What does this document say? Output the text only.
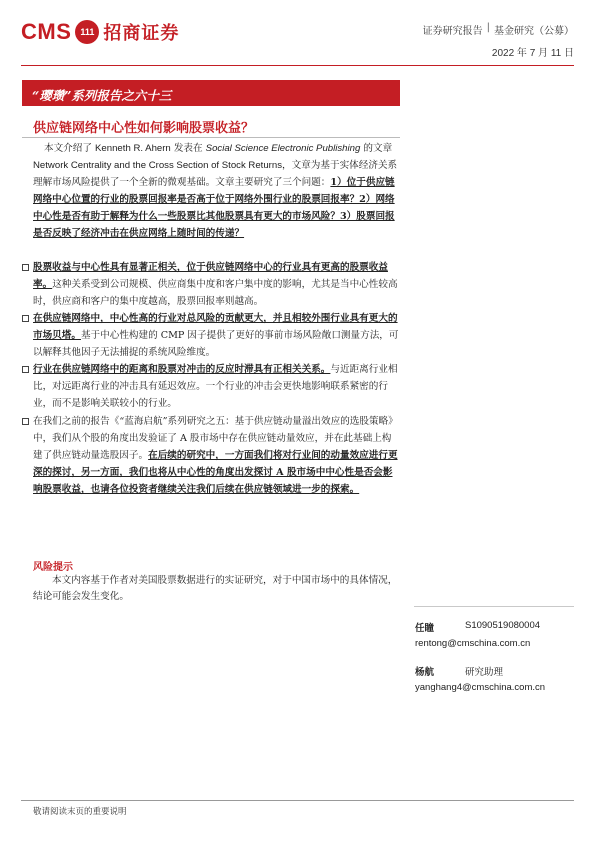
CMS 111 招商证券	证券研究报告 | 基金研究（公募）
2022 年 7 月 11 日
“璎瓒”系列报告之六十三
供应链网络中心性如何影响股票收益？
本文介绍了 Kenneth R. Ahern 发表在 Social Science Electronic Publishing 的文章 Network Centrality and the Cross Section of Stock Returns，文章为基于实体经济关系理解市场风险提供了一个全新的微观基础。文章主要研究了三个问题：1）位于供应链网络中心位置的行业的股票回报率是否高于位于网络外围行业的股票回报率？2）网络中心性是否有助于解释为什么一些股票比其他股票具有更大的市场风险？3）股票回报是否反映了经济冲击在供应网络上随时间的传递？
股票收益与中心性具有显著正相关，位于供应链网络中心的行业具有更高的股票收益率。这种关系受到公司规模、供应商集中度和客户集中度的影响，尤其是当中心性较高时，供应商和客户的集中度越高，股票回报率则越高。
在供应链网络中，中心性高的行业对总风险的贡献更大，并且相较外围行业具有更大的市场贝塔。基于中心性构建的 CMP 因子提供了更好的事前市场风险敞口测量方法，可以解释其他因子无法捕捉的系统风险维度。
行业在供应链网络中的距离和股票对冲击的反应时滞具有正相关关系。与近距离行业相比，对远距离行业的冲击具有延迟效应。一个行业的冲击会更快地影响联系紧密的行业，而不是影响关联较小的行业。
在我们之前的报告《“蓝海启航”系列研究之五：基于供应链动量溢出效应的选股策略》中，我们从个股的角度出发验证了 A 股市场中存在供应链动量效应，并在此基础上构建了供应链动量选股因子。在后续的研究中，一方面我们将对行业间的动量效应进行更深的探讨，另一方面，我们也将从中心性的角度出发探讨 A 股市场中中心性是否会影响股票收益，也请各位投资者继续关注我们后续在供应链领域进一步的探索。
风险提示
本文内容基于作者对美国股票数据进行的实证研究，对于中国市场中的具体情况，结论可能会发生变化。
任瞳	S1090519080004
rentong@cmschina.com.cn
杨航	研究助理
yanghang4@cmschina.com.cn
敬请阅读末页的重要说明
